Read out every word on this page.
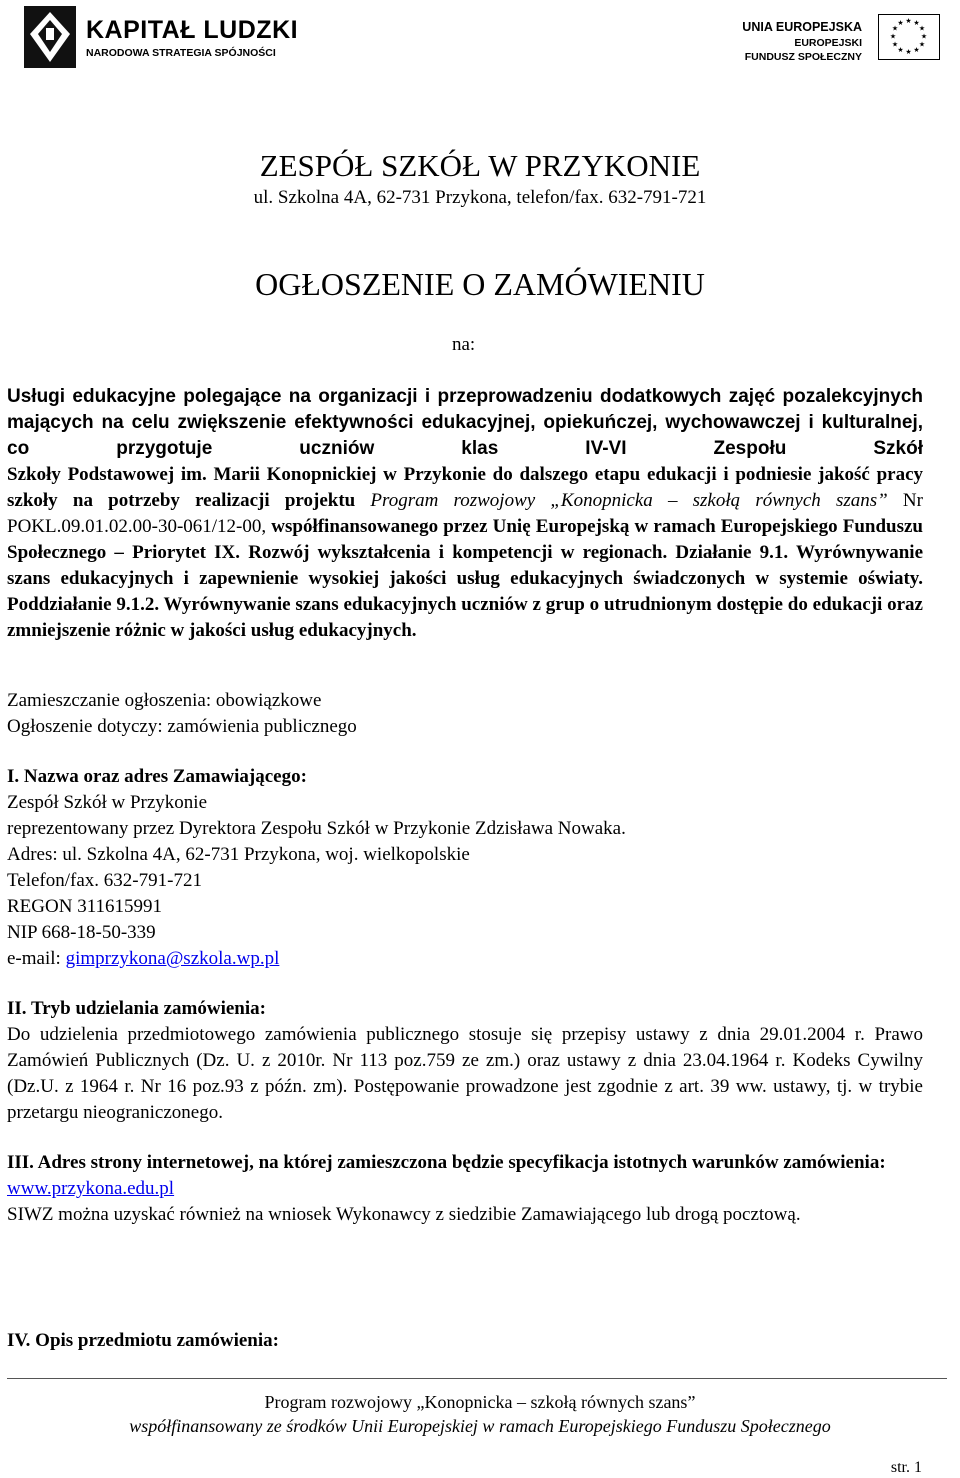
KAPITAŁ LUDZKI
NARODOWA STRATEGIA SPÓJNOŚCI
UNIA EUROPEJSKA
EUROPEJSKI
FUNDUSZ SPOŁECZNY
★ ★
★
★
★
★
★
★
★
★
★
★
ZESPÓŁ SZKÓŁ W PRZYKONIE
ul. Szkolna 4A, 62-731 Przykona, telefon/fax. 632-791-721
OGŁOSZENIE O ZAMÓWIENIU
na:
Usługi edukacyjne polegające na organizacji i przeprowadzeniu dodatkowych zajęć pozalekcyjnych mających na celu zwiększenie efektywności edukacyjnej, opiekuńczej, wychowawczej i kulturalnej, co przygotuje uczniów klas IV-VI Zespołu Szkół
Szkoły Podstawowej im. Marii Konopnickiej w Przykonie do dalszego etapu edukacji i podniesie jakość pracy szkoły na potrzeby realizacji projektu Program rozwojowy „Konopnicka – szkołą równych szans” Nr POKL.09.01.02.00-30-061/12-00, współfinansowanego przez Unię Europejską w ramach Europejskiego Funduszu Społecznego – Priorytet IX. Rozwój wykształcenia i kompetencji w regionach. Działanie 9.1. Wyrównywanie szans edukacyjnych i zapewnienie wysokiej jakości usług edukacyjnych świadczonych w systemie oświaty. Poddziałanie 9.1.2. Wyrównywanie szans edukacyjnych uczniów z grup o utrudnionym dostępie do edukacji oraz zmniejszenie różnic w jakości usług edukacyjnych.
Zamieszczanie ogłoszenia: obowiązkowe
Ogłoszenie dotyczy: zamówienia publicznego
I. Nazwa oraz adres Zamawiającego:
Zespół Szkół w Przykonie
reprezentowany przez Dyrektora Zespołu Szkół w Przykonie Zdzisława Nowaka.
Adres: ul. Szkolna 4A, 62-731 Przykona, woj. wielkopolskie
Telefon/fax. 632-791-721
REGON 311615991
NIP 668-18-50-339
e-mail: gimprzykona@szkola.wp.pl
II. Tryb udzielania zamówienia:
Do udzielenia przedmiotowego zamówienia publicznego stosuje się przepisy ustawy z dnia 29.01.2004 r. Prawo Zamówień Publicznych (Dz. U. z 2010r. Nr 113 poz.759 ze zm.) oraz ustawy z dnia 23.04.1964 r. Kodeks Cywilny (Dz.U. z 1964 r. Nr 16 poz.93 z późn. zm). Postępowanie prowadzone jest zgodnie z art. 39 ww. ustawy, tj. w trybie przetargu nieograniczonego.
III. Adres strony internetowej, na której zamieszczona będzie specyfikacja istotnych warunków zamówienia:
www.przykona.edu.pl
SIWZ można uzyskać również na wniosek Wykonawcy z siedzibie Zamawiającego lub drogą pocztową.
IV. Opis przedmiotu zamówienia:
Program rozwojowy „Konopnicka – szkołą równych szans”
współfinansowany ze środków Unii Europejskiej w ramach Europejskiego Funduszu Społecznego
str. 1
